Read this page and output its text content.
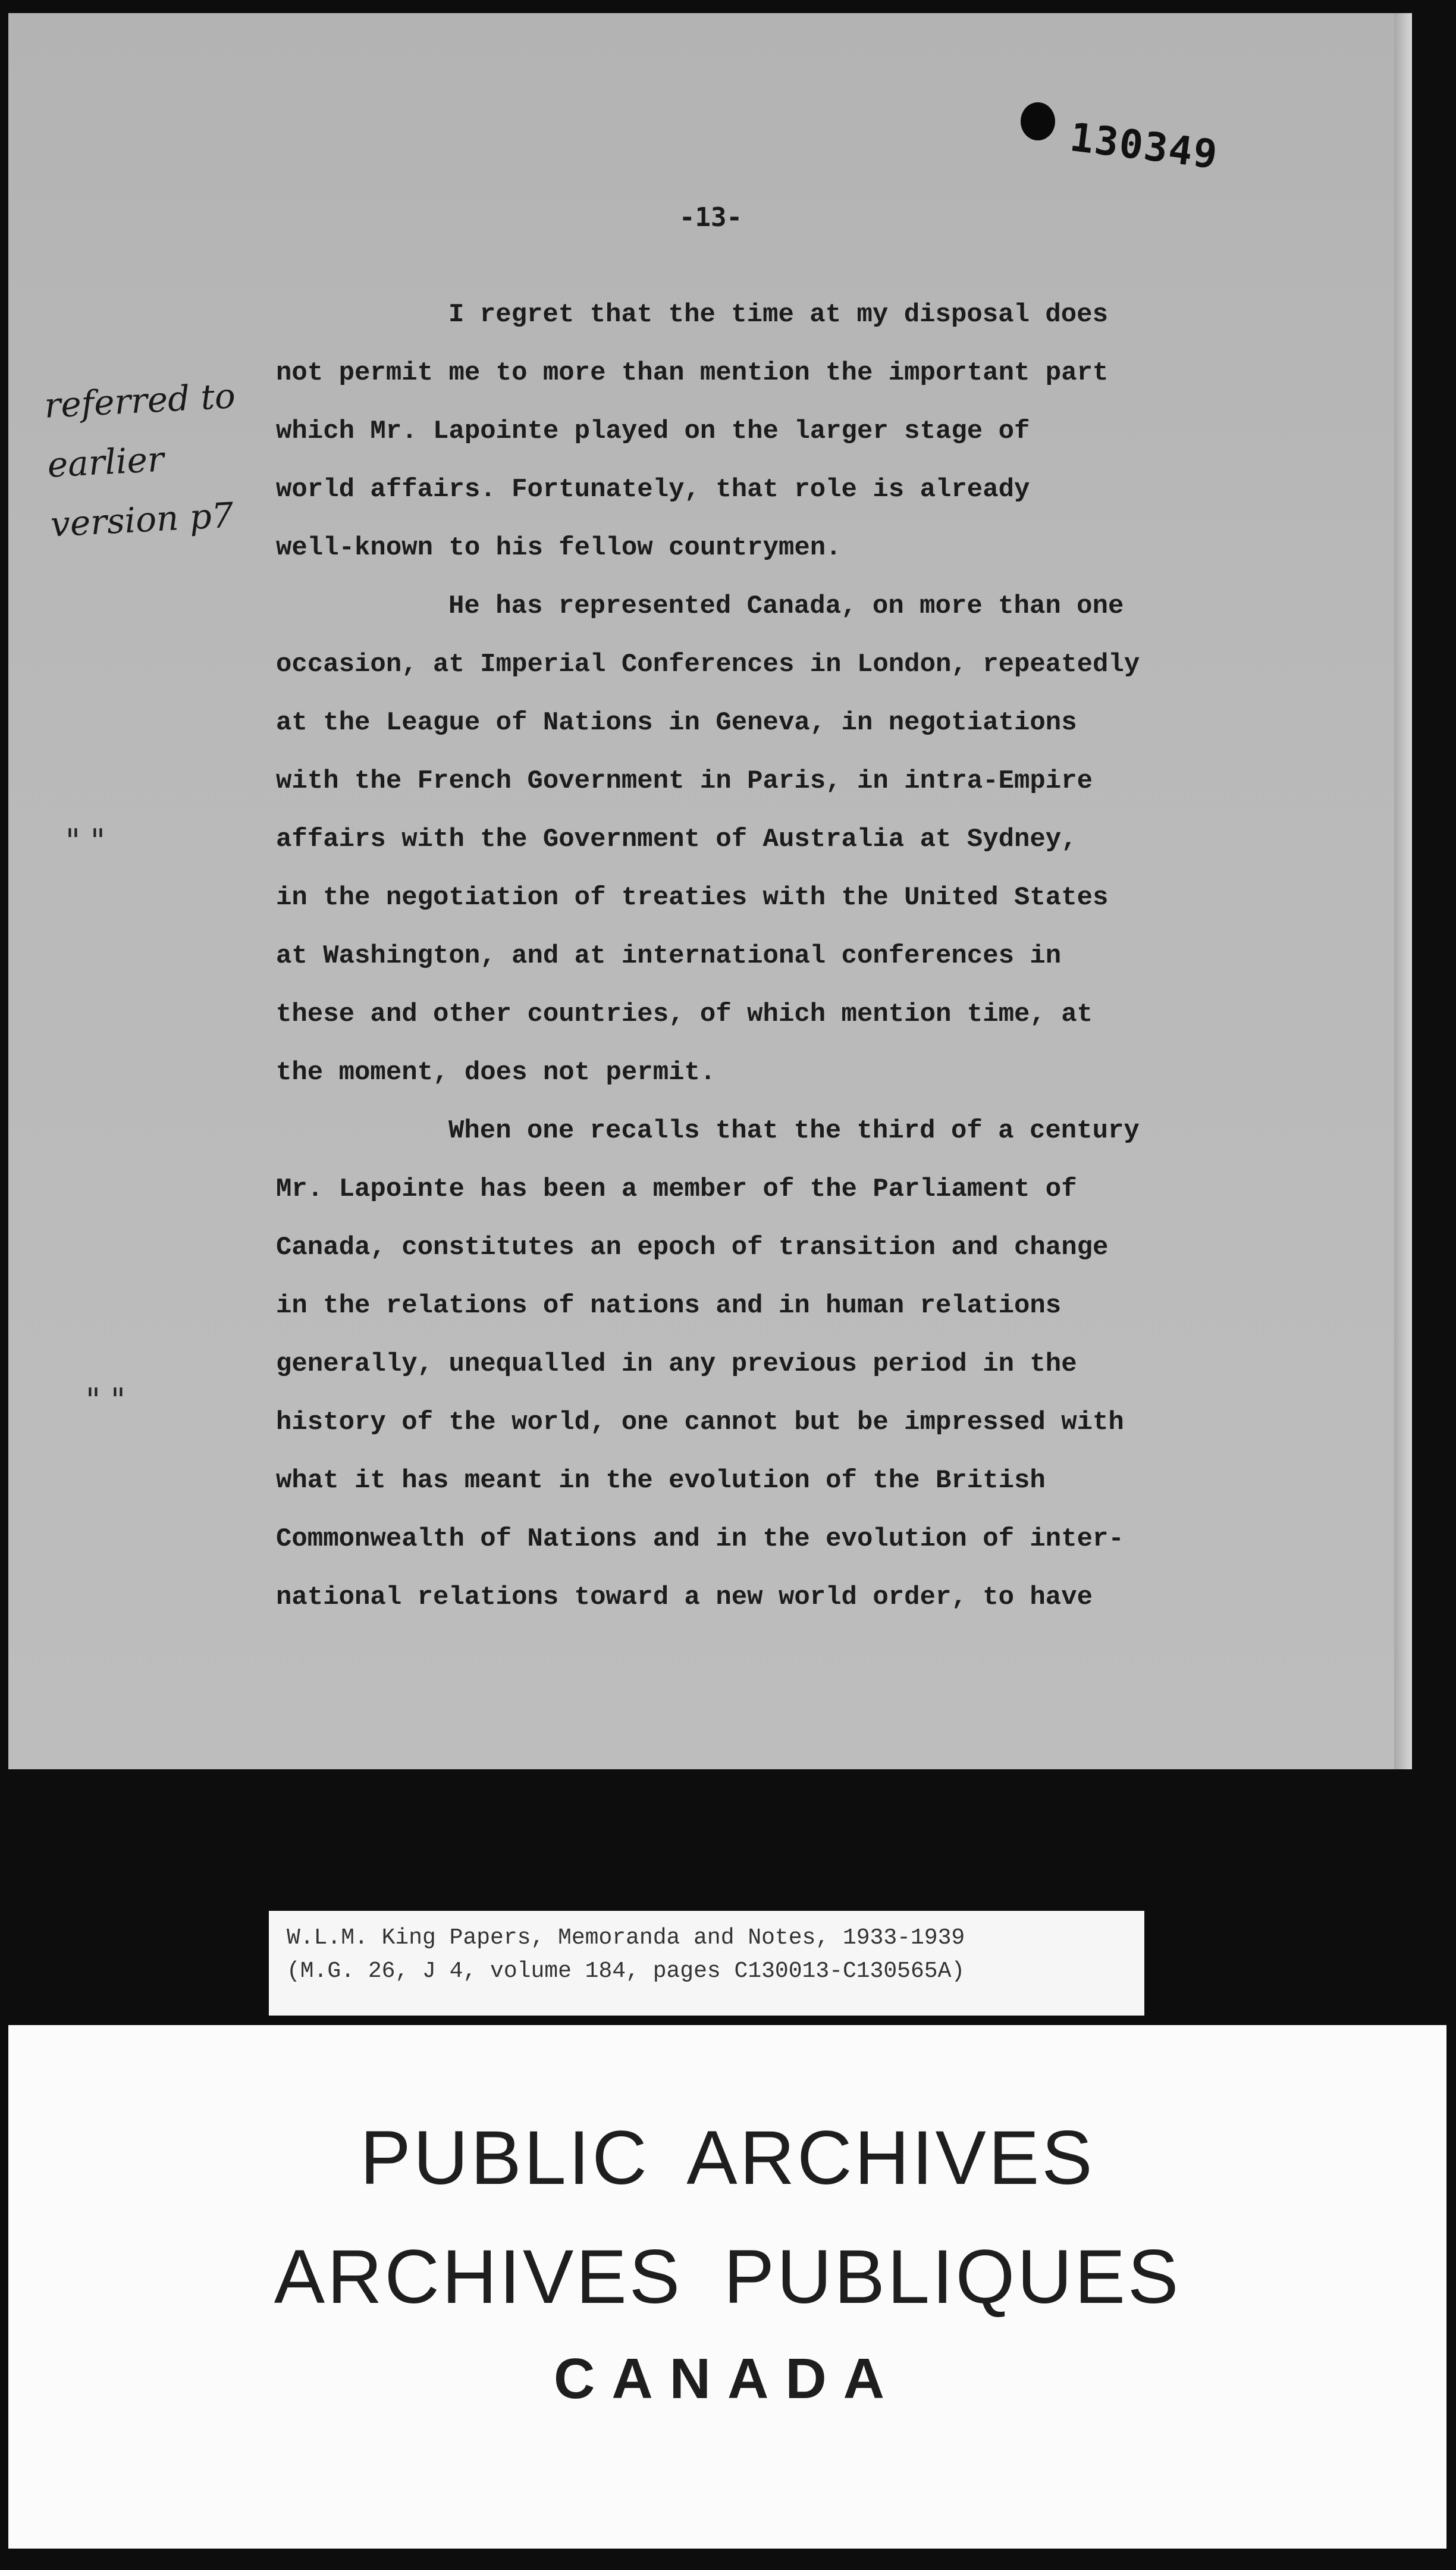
130349
-13-
referred to
earlier
version p7
" "
" "
I regret that the time at my disposal does
not permit me to more than mention the important part
which Mr. Lapointe played on the larger stage of
world affairs. Fortunately, that role is already
well-known to his fellow countrymen.
He has represented Canada, on more than one
occasion, at Imperial Conferences in London, repeatedly
at the League of Nations in Geneva, in negotiations
with the French Government in Paris, in intra-Empire
affairs with the Government of Australia at Sydney,
in the negotiation of treaties with the United States
at Washington, and at international conferences in
these and other countries, of which mention time, at
the moment, does not permit.
When one recalls that the third of a century
Mr. Lapointe has been a member of the Parliament of
Canada, constitutes an epoch of transition and change
in the relations of nations and in human relations
generally, unequalled in any previous period in the
history of the world, one cannot but be impressed with
what it has meant in the evolution of the British
Commonwealth of Nations and in the evolution of inter-
national relations toward a new world order, to have
W.L.M. King Papers, Memoranda and Notes, 1933-1939
(M.G. 26, J 4, volume 184, pages C130013-C130565A)
PUBLIC ARCHIVES
ARCHIVES PUBLIQUES
CANADA
